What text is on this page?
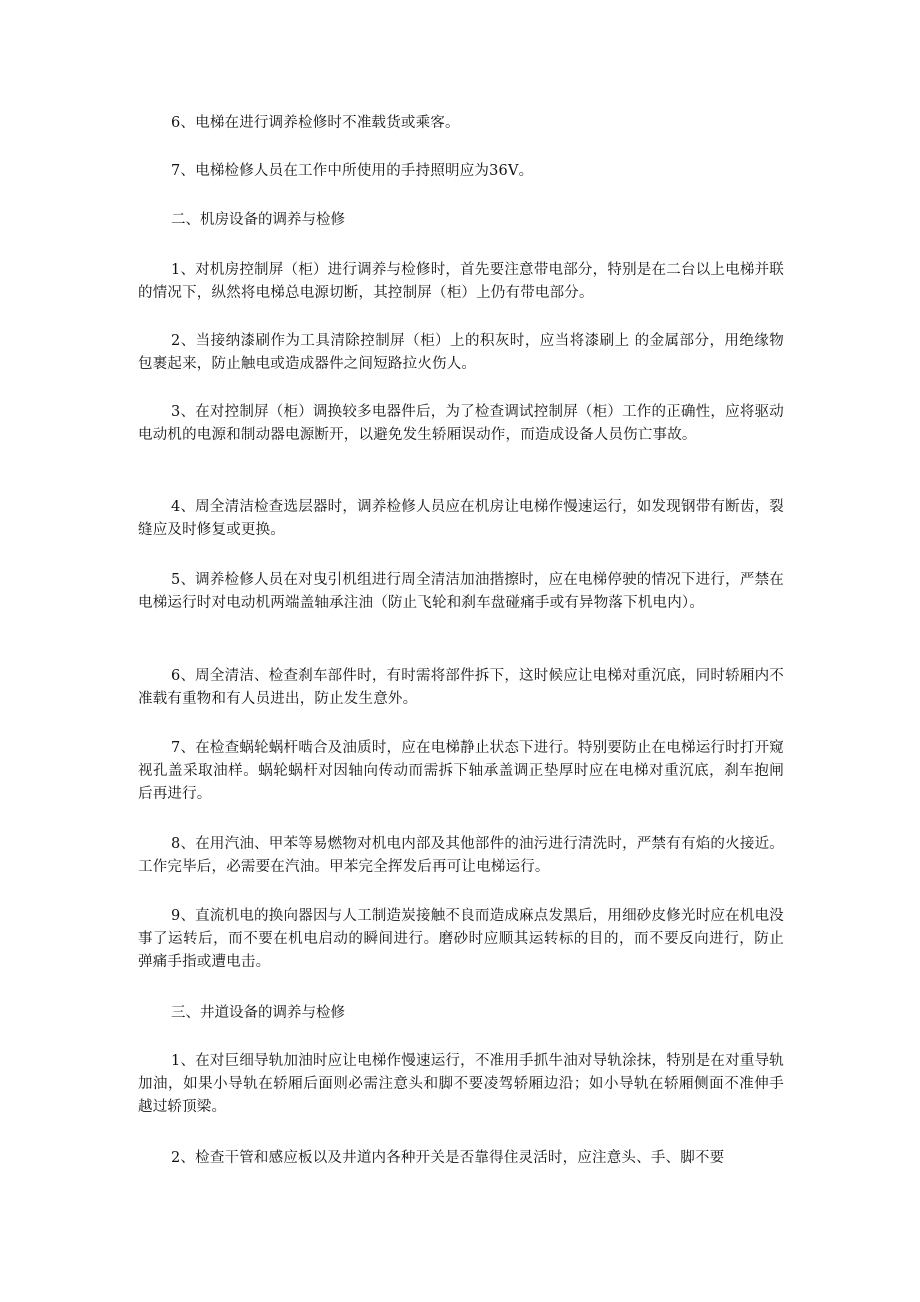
6、电梯在进行调养检修时不准载货或乘客。

7、电梯检修人员在工作中所使用的手持照明应为36V。

二、机房设备的调养与检修

1、对机房控制屏（柜）进行调养与检修时，首先要注意带电部分，特别是在二台以上电梯并联的情况下，纵然将电梯总电源切断，其控制屏（柜）上仍有带电部分。

2、当接纳漆刷作为工具清除控制屏（柜）上的积灰时，应当将漆刷上 的金属部分，用绝缘物包裹起来，防止触电或造成器件之间短路拉火伤人。

3、在对控制屏（柜）调换较多电器件后，为了检查调试控制屏（柜）工作的正确性，应将驱动电动机的电源和制动器电源断开，以避免发生轿厢误动作，而造成设备人员伤亡事故。

4、周全清洁检查选层器时，调养检修人员应在机房让电梯作慢速运行，如发现钢带有断齿，裂缝应及时修复或更换。

5、调养检修人员在对曳引机组进行周全清洁加油揩擦时，应在电梯停驶的情况下进行，严禁在电梯运行时对电动机两端盖轴承注油（防止飞轮和刹车盘碰痛手或有异物落下机电内）。

6、周全清洁、检查刹车部件时，有时需将部件拆下，这时候应让电梯对重沉底，同时轿厢内不准载有重物和有人员进出，防止发生意外。

7、在检查蜗轮蜗杆啮合及油质时，应在电梯静止状态下进行。特别要防止在电梯运行时打开窥视孔盖采取油样。蜗轮蜗杆对因轴向传动而需拆下轴承盖调正垫厚时应在电梯对重沉底，刹车抱闸后再进行。

8、在用汽油、甲苯等易燃物对机电内部及其他部件的油污进行清洗时，严禁有有焰的火接近。工作完毕后，必需要在汽油。甲苯完全挥发后再可让电梯运行。

9、直流机电的换向器因与人工制造炭接触不良而造成麻点发黑后，用细砂皮修光时应在机电没事了运转后，而不要在机电启动的瞬间进行。磨砂时应顺其运转标的目的，而不要反向进行，防止弹痛手指或遭电击。

三、井道设备的调养与检修

1、在对巨细导轨加油时应让电梯作慢速运行，不准用手抓牛油对导轨涂抹，特别是在对重导轨加油，如果小导轨在轿厢后面则必需注意头和脚不要凌驾轿厢边沿；如小导轨在轿厢侧面不准伸手越过轿顶梁。

2、检查干管和感应板以及井道内各种开关是否靠得住灵活时，应注意头、手、脚不要
